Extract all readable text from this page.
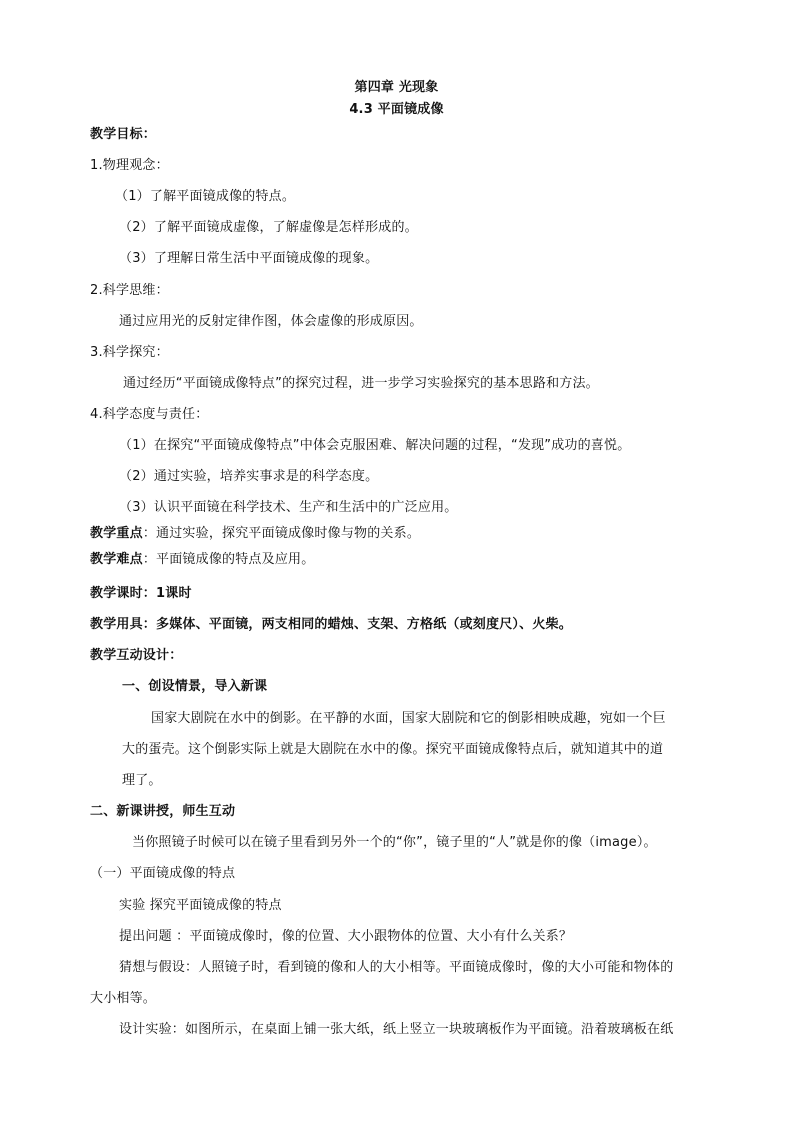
第四章 光现象
4.3 平面镜成像
教学目标：
1.物理观念：
（1）了解平面镜成像的特点。
（2）了解平面镜成虚像，了解虚像是怎样形成的。
（3）了理解日常生活中平面镜成像的现象。
2.科学思维：
通过应用光的反射定律作图，体会虚像的形成原因。
3.科学探究：
通过经历“平面镜成像特点”的探究过程，进一步学习实验探究的基本思路和方法。
4.科学态度与责任：
（1）在探究“平面镜成像特点”中体会克服困难、解决问题的过程，“发现”成功的喜悦。
（2）通过实验，培养实事求是的科学态度。
（3）认识平面镜在科学技术、生产和生活中的广泛应用。
教学重点：通过实验，探究平面镜成像时像与物的关系。
教学难点：平面镜成像的特点及应用。
教学课时：1课时
教学用具：多媒体、平面镜，两支相同的蜡烛、支架、方格纸（或刻度尺）、火柴。
教学互动设计：
一、创设情景，导入新课
国家大剧院在水中的倒影。在平静的水面，国家大剧院和它的倒影相映成趣，宛如一个巨
大的蛋壳。这个倒影实际上就是大剧院在水中的像。探究平面镜成像特点后，就知道其中的道
理了。
二、新课讲授，师生互动
当你照镜子时候可以在镜子里看到另外一个的“你”，镜子里的“人”就是你的像（image）。
（一）平面镜成像的特点
实验 探究平面镜成像的特点
提出问题 ：平面镜成像时，像的位置、大小跟物体的位置、大小有什么关系？
猜想与假设：人照镜子时，看到镜的像和人的大小相等。平面镜成像时，像的大小可能和物体的
大小相等。
设计实验：如图所示，在桌面上铺一张大纸，纸上竖立一块玻璃板作为平面镜。沿着玻璃板在纸
